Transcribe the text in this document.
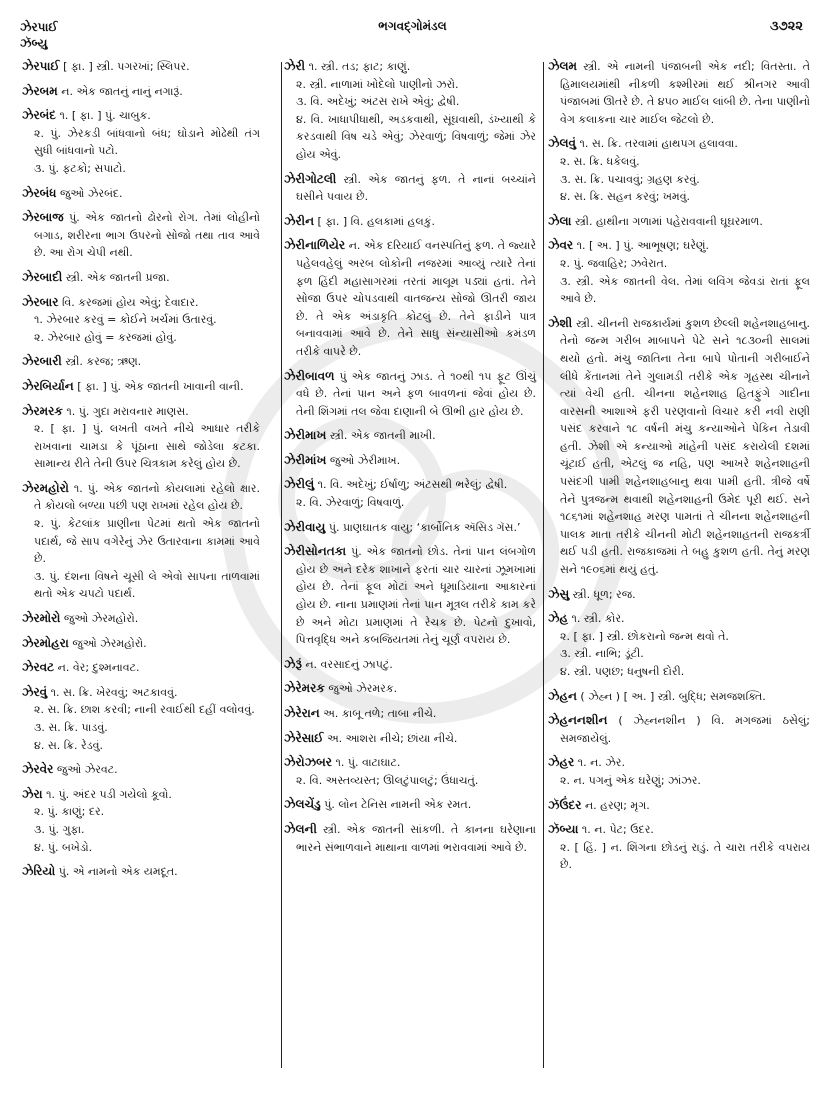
ઝેરપાઈ
ઝૅબ્યુ
ભગવદ્ગોમંડલ	૩૭૨૨
ઝેરપાઈ [ ફા. ] સ્ત્રી. પગરખાં; સ્લિપર.
ઝેરબમ ન. એક જાતનું નાનું નગારૂં.
ઝેરબંદ ૧. [ ફા. ] પું. ચાબુક.
૨. પું. ઝેરકડી બાંધવાનો બંધ; ઘોડાને મોઢેથી તંગ સુધી બાંધવાનો પટો.
૩. પું. ફટકો; સપાટો.
ઝેરબંધ જુઓ ઝેરબંદ.
ઝેરબાજ પું. એક જાતનો ઢોરનો રોગ. તેમાં લોહીનો બગાડ, શરીરના ભાગ ઉપરનો સોજો તથા તાવ આવે છે. આ રોગ ચેપી નથી.
ઝેરબાદી સ્ત્રી. એક જાતની પ્રજા.
ઝેરબાર વિ. કરજમાં હોય એવું; દેવાદાર.
૧. ઝેરબાર કરવું = કોઈને ખર્ચમાં ઉતારવું.
૨. ઝેરબાર હોવું = કરજમાં હોવું.
ઝેરબારી સ્ત્રી. કરજ; ઋણ.
ઝેરબિર્યાન [ ફા. ] પું. એક જાતની ખાવાની વાની.
ઝેરમરક ૧. પું. ગુદા મરાવનાર માણસ.
૨. [ ફા. ] પું. લખતી વખતે નીચે આધાર તરીકે રાખવાના ચામડા કે પૂંઠાના સાથે જોડેલા કટકા. સામાન્ય રીતે તેની ઉપર ચિત્રકામ કરેલું હોય છે.
ઝેરમહોરો ૧. પું. એક જાતનો કોયલામાં રહેલો ક્ષાર. તે કોયલો બળ્યા પછી પણ રાખમાં રહેલ હોય છે.
૨. પું. કેટલાંક પ્રાણીના પેટમાં થતો એક જાતનો પદાર્થ, જે સાપ વગેરેનું ઝેર ઉતારવાના કામમાં આવે છે.
૩. પું. દંશના વિષને ચૂસી લે એવો સાપના તાળવામાં થતો એક ચપટો પદાર્થ.
ઝેરમોરો જુઓ ઝેરમહોરો.
ઝેરમોહરા જુઓ ઝેરમહોરો.
ઝેરવટ ન. વેર; દુશ્મનાવટ.
ઝેરવું ૧. સ. ક્રિ. ખેરવવું; અટકાવવું.
૨. સ. ક્રિ. છાશ કરવી; નાની રવાઈથી દહીં વલોવવું.
૩. સ. ક્રિ. પાડવું.
૪. સ. ક્રિ. રેડવું.
ઝેરવેર જુઓ ઝેરવટ.
ઝેરા ૧. પું. અંદર પડી ગયેલો કૂવો.
૨. પું. કાણું; દર.
૩. પું. ગુફા.
૪. પું. બખેડો.
ઝેરિયો પું. એ નામનો એક યમદૂત.
ઝેરી ૧. સ્ત્રી. તડ; ફાટ; કાણું.
૨. સ્ત્રી. નાળામાં ખોદેલો પાણીનો ઝરો.
૩. વિ. અદેખું; અંટસ રાખે એવું; દ્વેષી.
૪. વિ. ખાધાપીધાથી, અડકવાથી, સૂંઘવાથી, ડંખ્યાથી કે કરડવાથી વિષ ચડે એવું; ઝેરવાળું; વિષવાળું; જેમાં ઝેર હોય એવું.
ઝેરીગોટલી સ્ત્રી. એક જાતનું ફળ. તે નાનાં બચ્ચાંને ઘસીને પવાય છે.
ઝેરીન [ ફા. ] વિ. હલકામાં હલકું.
ઝેરીનાળિયેર ન. એક દરિયાઈ વનસ્પતિનું ફળ. તે જ્યારે પહેલવહેલું અરબ લોકોની નજરમાં આવ્યું ત્યારે તેનાં ફળ હિંદી મહાસાગરમાં તરતાં માલૂમ પડ્યાં હતાં. તેને સોજા ઉપર ચોપડવાથી વાતજન્ય સોજો ઊતરી જાય છે. તે એક અંડાકૃતિ કોટલું છે. તેને ફાડીને પાત્ર બનાવવામાં આવે છે. તેને સાધુ સંન્યાસીઓ કમંડળ તરીકે વાપરે છે.
ઝેરીબાવળ પું એક જાતનું ઝાડ. તે ૧૦થી ૧૫ ફૂટ ઊંચું વધે છે. તેનાં પાન અને ફળ બાવળનાં જેવાં હોય છે. તેની શિંગમાં તલ જેવા દાણાની બે ઊભી હાર હોય છે.
ઝેરીમાખ સ્ત્રી. એક જાતની માખી.
ઝેરીમાંખ જુઓ ઝેરીમાખ.
ઝેરીલું ૧. વિ. અદેખું; ઈર્ષાળુ; અંટસથી ભરેલું; દ્વેષી.
૨. વિ. ઝેરવાળું; વિષવાળું.
ઝેરીવાયુ પું. પ્રાણઘાતક વાયુ; ‘કાર્બોનિક ઍસિડ ગૅસ.’
ઝેરીસોનતકા પું. એક જાતનો છોડ. તેનાં પાન લંબગોળ હોય છે અને દરેક શાખાને ફરતાં ચાર ચારનાં ઝૂમખામાં હોય છે. તેનાં ફૂલ મોટાં અને ધૂમાડિયાના આકારનાં હોય છે. નાના પ્રમાણમાં તેનાં પાન મૂત્રલ તરીકે કામ કરે છે અને મોટા પ્રમાણમાં તે રેચક છે. પેટનો દુખાવો, પિત્તવૃદ્ધિ અને કબજિયતમાં તેનું ચૂર્ણ વપરાય છે.
ઝેરૂં ન. વરસાદનું ઝાપટું.
ઝેરેમરક જુઓ ઝેરમરક.
ઝેરેરાન અ. કાબૂ તળે; તાબા નીચે.
ઝેરેસાઈ અ. આશરા નીચે; છાંયા નીચે.
ઝેરોઝબર ૧. પું. વાટાઘાટ.
૨. વિ. અસ્તવ્યસ્ત; ઊલટુંપાલટું; ઉંધાચતું.
ઝેલચેંડુ પું. લોન ટેનિસ નામની એક રમત.
ઝેલની સ્ત્રી. એક જાતની સાંકળી. તે કાનના ઘરેણાના ભારને સંભાળવાને માથાના વાળમાં ભરાવવામાં આવે છે.
ઝેલમ સ્ત્રી. એ નામની પંજાબની એક નદી; વિતસ્તા. તે હિમાલયમાંથી નીકળી કશ્મીરમાં થઈ શ્રીનગર આવી પંજાબમાં ઊતરે છે. તે ૪૫૦ માઈલ લાંબી છે. તેના પાણીનો વેગ કલાકના ચાર માઈલ જેટલો છે.
ઝેલવું ૧. સ. ક્રિ. તરવામાં હાથપગ હલાવવા.
૨. સ. ક્રિ. ધકેલવું.
૩. સ. ક્રિ. પચાવવું; ગ્રહણ કરવું.
૪. સ. ક્રિ. સહન કરવું; ખમવું.
ઝેલા સ્ત્રી. હાથીના ગળામાં પહેરાવવાની ઘૂઘરમાળ.
ઝેવર ૧. [ અ. ] પું. આભૂષણ; ઘરેણું.
૨. પું. જવાહિર; ઝવેરાત.
૩. સ્ત્રી. એક જાતની વેલ. તેમાં લવિંગ જેવડાં રાતાં ફૂલ આવે છે.
ઝેશી સ્ત્રી. ચીનની રાજકાર્યમાં કુશળ છેલ્લી શહેનશાહબાનુ. તેનો જન્મ ગરીબ માબાપને પેટે સને ૧૮૩૦ની સાલમાં થયો હતો. મંચુ જાતિના તેના બાપે પોતાની ગરીબાઈને લીધે કેંતાનમાં તેને ગુલામડી તરીકે એક ગૃહસ્થ ચીનાને ત્યાં વેચી હતી. ચીનના શહેનશાહ હિતફુંગે ગાદીના વારસની આશાએ ફરી પરણવાનો વિચાર કરી નવી રાણી પસંદ કરવાને ૧૮ વર્ષની મંચુ કન્યાઓને પેકિન તેડાવી હતી. ઝેશી એ કન્યાઓ માંહેની પસંદ કરાયેલી દશમાં ચૂંટાઈ હતી, એટલું જ નહિ, પણ આખરે શહેનશાહની પસંદગી પામી શહેનશાહબાનુ થવા પામી હતી. ત્રીજે વર્ષે તેને પુત્રજન્મ થવાથી શહેનશાહની ઉમેદ પૂરી થઈ. સને ૧૮૬૧માં શહેનશાહ મરણ પામતાં તે ચીનના શહેનશાહની પાલક માતા તરીકે ચીનની મોટી શહેનશાહતની રાજકર્ત્રી થઈ પડી હતી. રાજકાજમાં તે બહુ કુશળ હતી. તેનું મરણ સને ૧૯૦૬માં થયું હતું.
ઝેસુ સ્ત્રી. ધૂળ; રજ.
ઝેહ ૧. સ્ત્રી. કોર.
૨. [ ફા. ] સ્ત્રી. છોકરાનો જન્મ થવો તે.
૩. સ્ત્રી. નાભિ; ડૂંટી.
૪. સ્ત્રી. પણછ; ધનુષની દોરી.
ઝેહન ( ઝેહ્ન ) [ અ. ] સ્ત્રી. બુદ્ધિ; સમજશક્તિ.
ઝેહનનશીન ( ઝેહ્નનશીન ) વિ. મગજમાં ઠસેલું; સમજાયેલું.
ઝેહર ૧. ન. ઝેર.
૨. ન. પગનું એક ઘરેણું; ઝાંઝર.
ઝૅઉંદર ન. હરણ; મૃગ.
ઝૅબ્યા ૧. ન. પેટ; ઉદર.
૨. [ હિં. ] ન. શિંગના છોડનું રાડું. તે ચારા તરીકે વપરાય છે.
